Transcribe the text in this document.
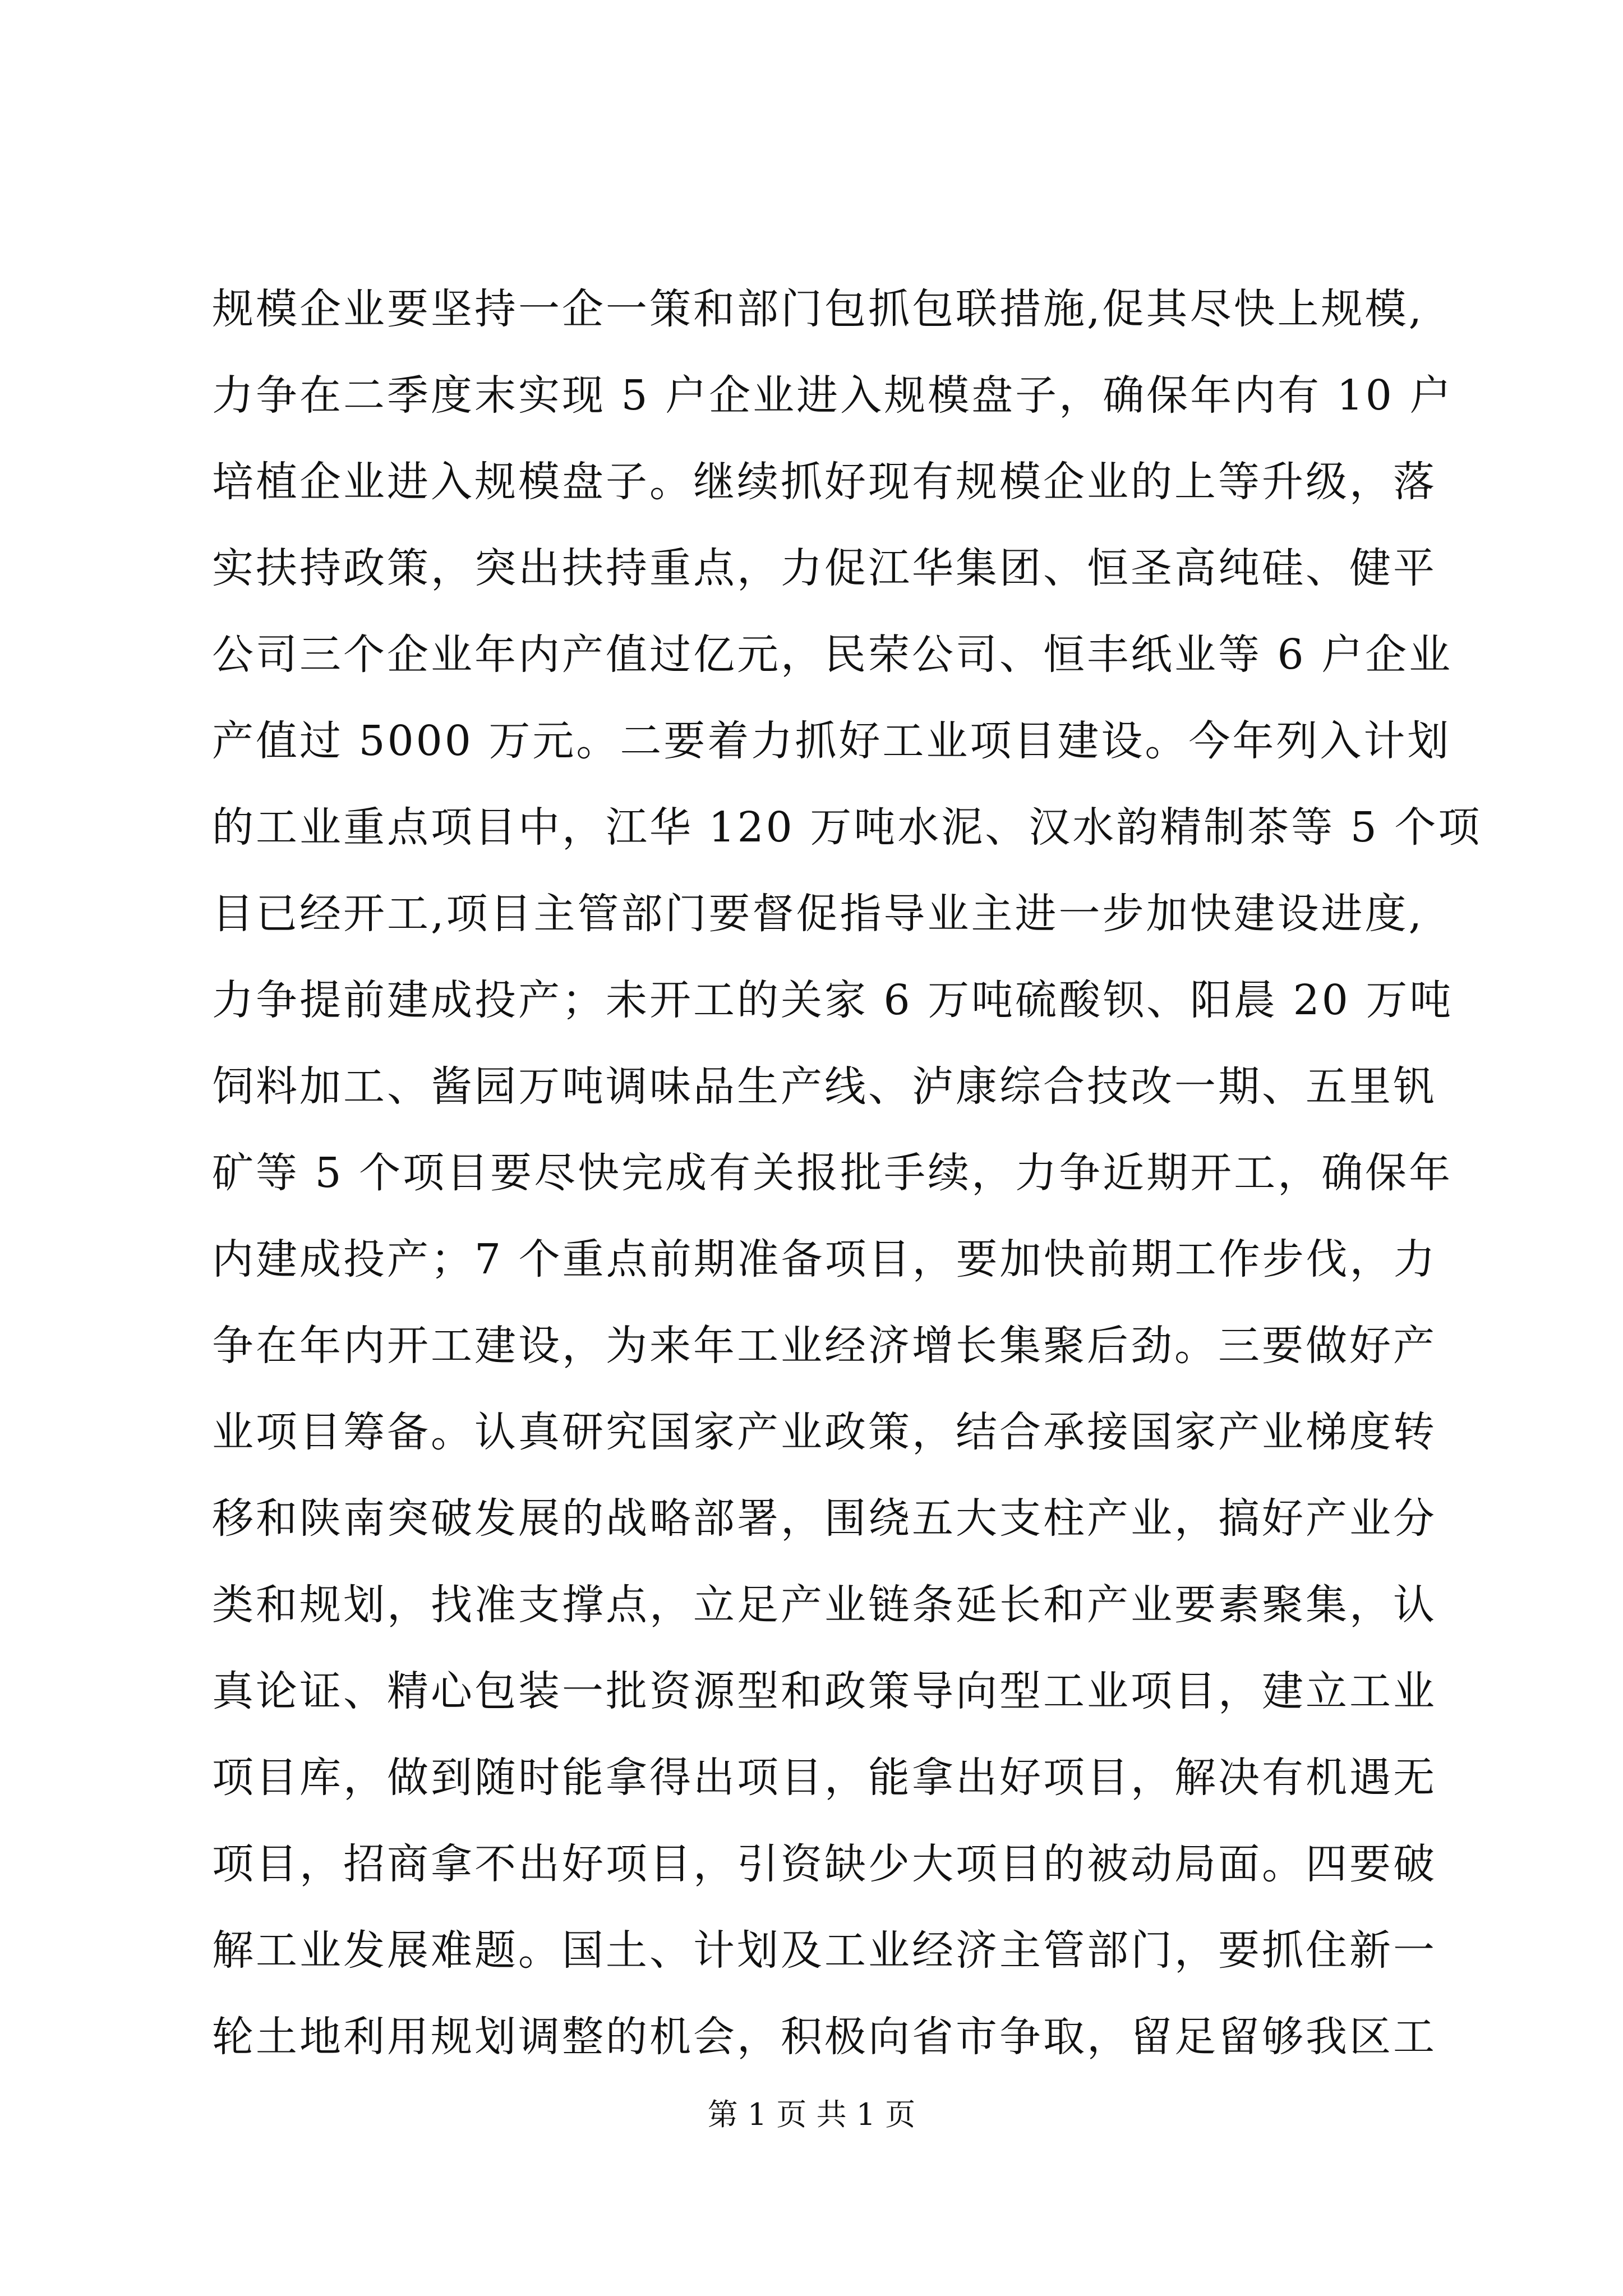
规模企业要坚持一企一策和部门包抓包联措施,促其尽快上规模,
力争在二季度末实现 5 户企业进入规模盘子，确保年内有 10 户
培植企业进入规模盘子。继续抓好现有规模企业的上等升级，落
实扶持政策，突出扶持重点，力促江华集团、恒圣高纯硅、健平
公司三个企业年内产值过亿元，民荣公司、恒丰纸业等 6 户企业
产值过 5000 万元。二要着力抓好工业项目建设。今年列入计划
的工业重点项目中，江华 120 万吨水泥、汉水韵精制茶等 5 个项
目已经开工,项目主管部门要督促指导业主进一步加快建设进度,
力争提前建成投产；未开工的关家 6 万吨硫酸钡、阳晨 20 万吨
饲料加工、酱园万吨调味品生产线、泸康综合技改一期、五里钒
矿等 5 个项目要尽快完成有关报批手续，力争近期开工，确保年
内建成投产；7 个重点前期准备项目，要加快前期工作步伐，力
争在年内开工建设，为来年工业经济增长集聚后劲。三要做好产
业项目筹备。认真研究国家产业政策，结合承接国家产业梯度转
移和陕南突破发展的战略部署，围绕五大支柱产业，搞好产业分
类和规划，找准支撑点，立足产业链条延长和产业要素聚集，认
真论证、精心包装一批资源型和政策导向型工业项目，建立工业
项目库，做到随时能拿得出项目，能拿出好项目，解决有机遇无
项目，招商拿不出好项目，引资缺少大项目的被动局面。四要破
解工业发展难题。国土、计划及工业经济主管部门，要抓住新一
轮土地利用规划调整的机会，积极向省市争取，留足留够我区工
第 1 页 共 1 页
